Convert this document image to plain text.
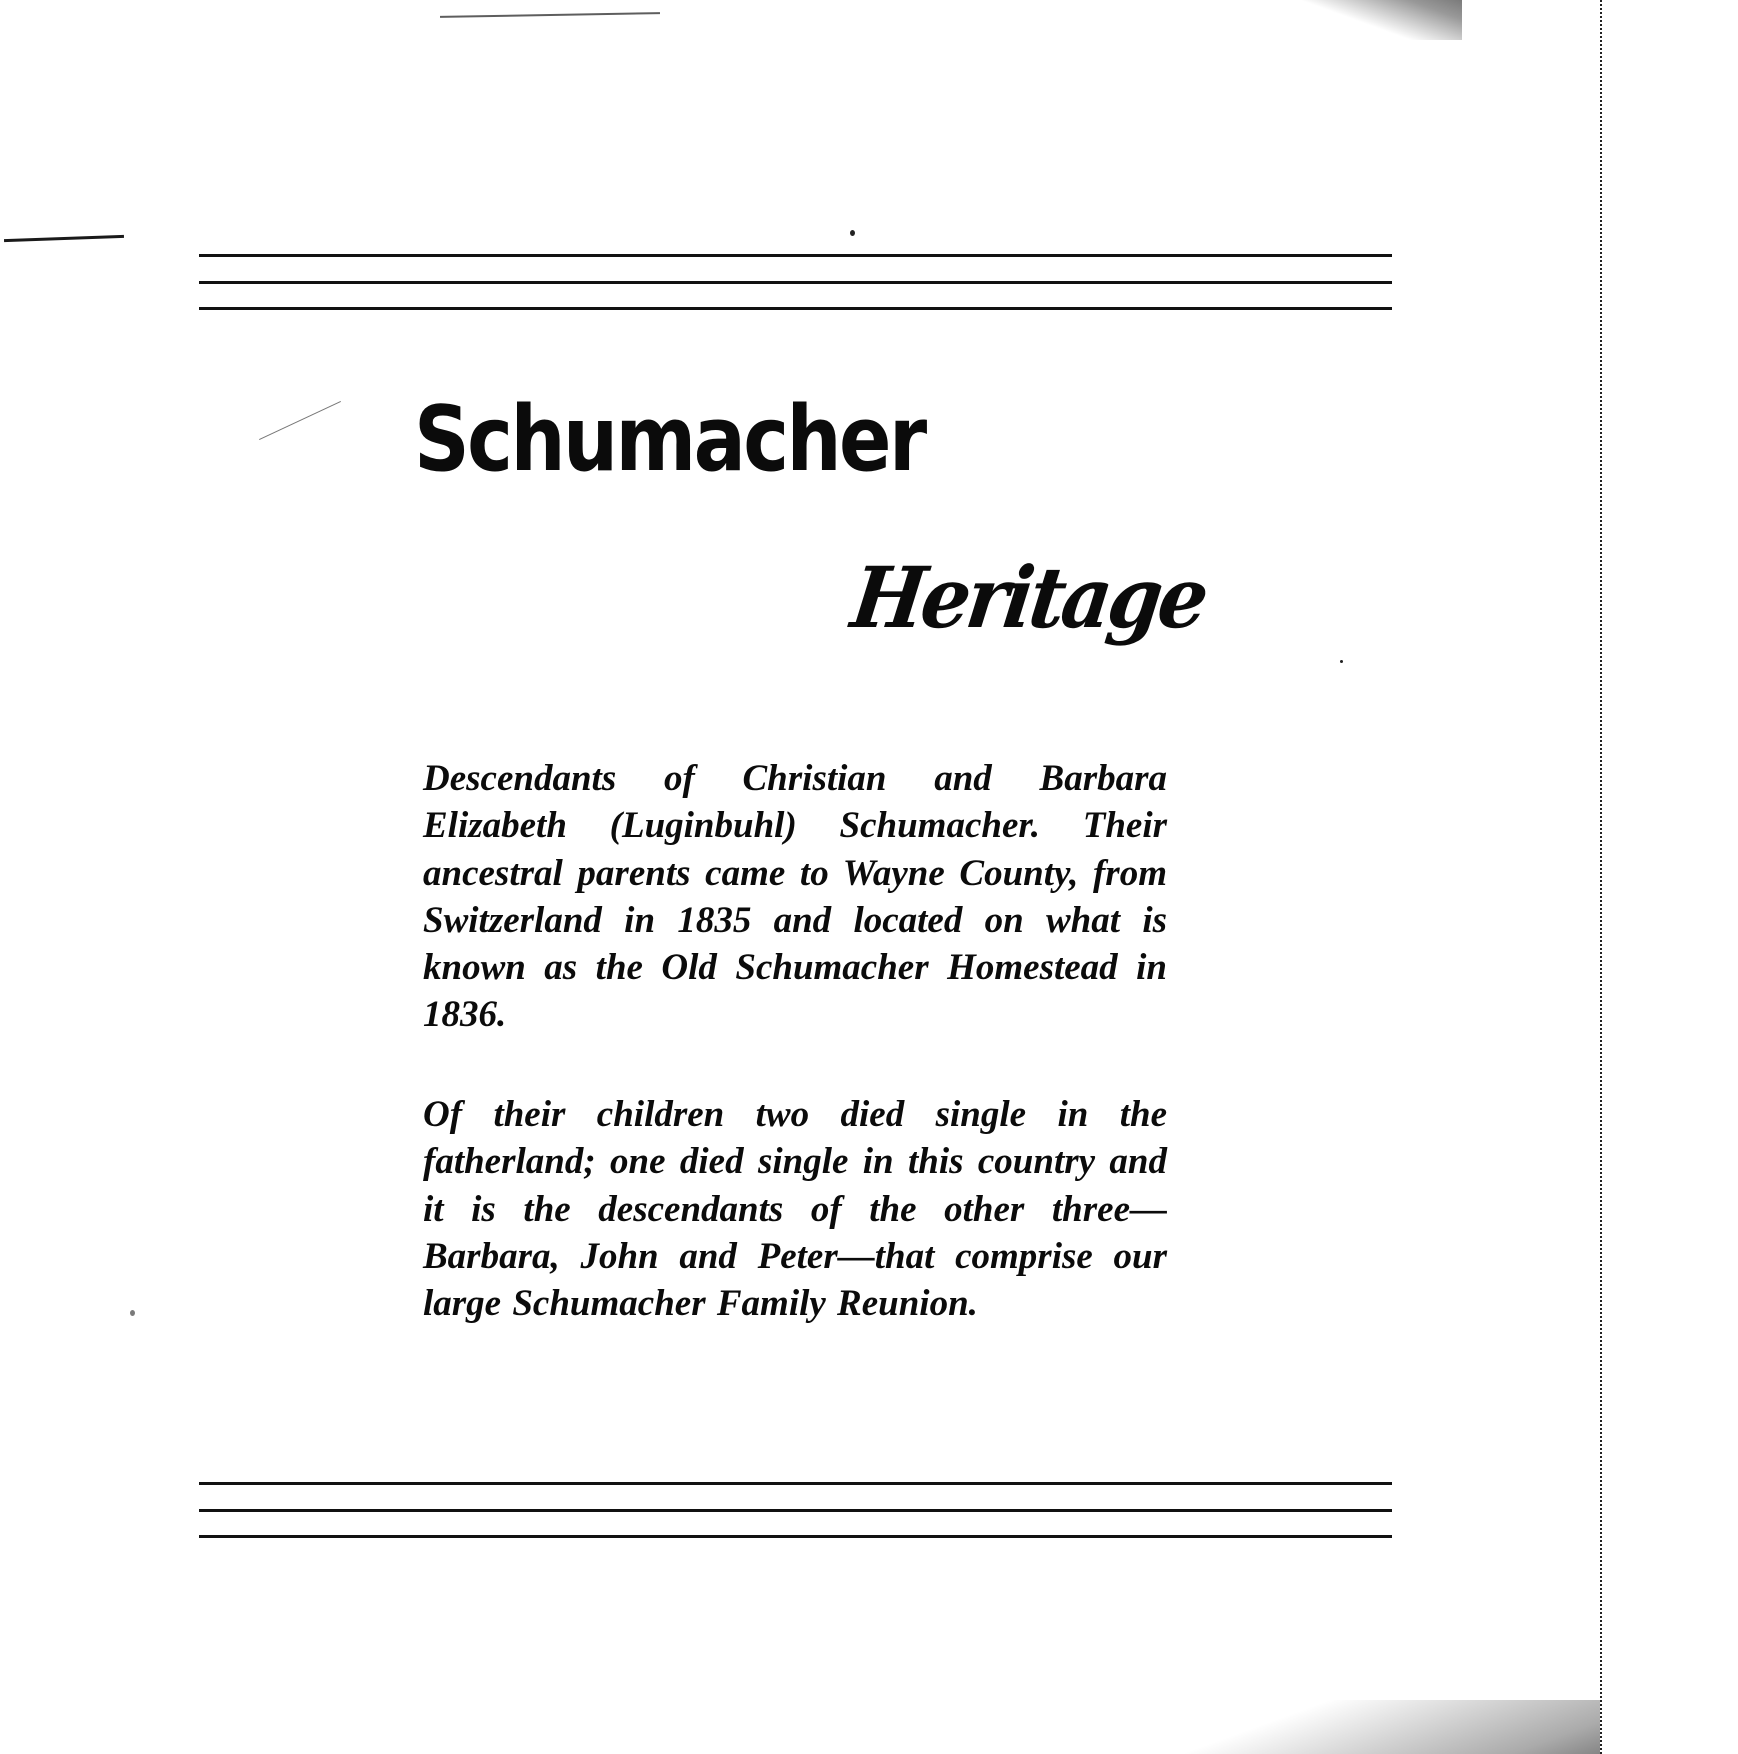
Schumacher
Heritage

Descendants of Christian and Barbara Elizabeth (Luginbuhl) Schumacher. Their ancestral parents came to Wayne County, from Switzerland in 1835 and located on what is known as the Old Schumacher Homestead in 1836.

Of their children two died single in the fatherland; one died single in this country and it is the descendants of the other three—Barbara, John and Peter—that comprise our large Schumacher Family Reunion.
